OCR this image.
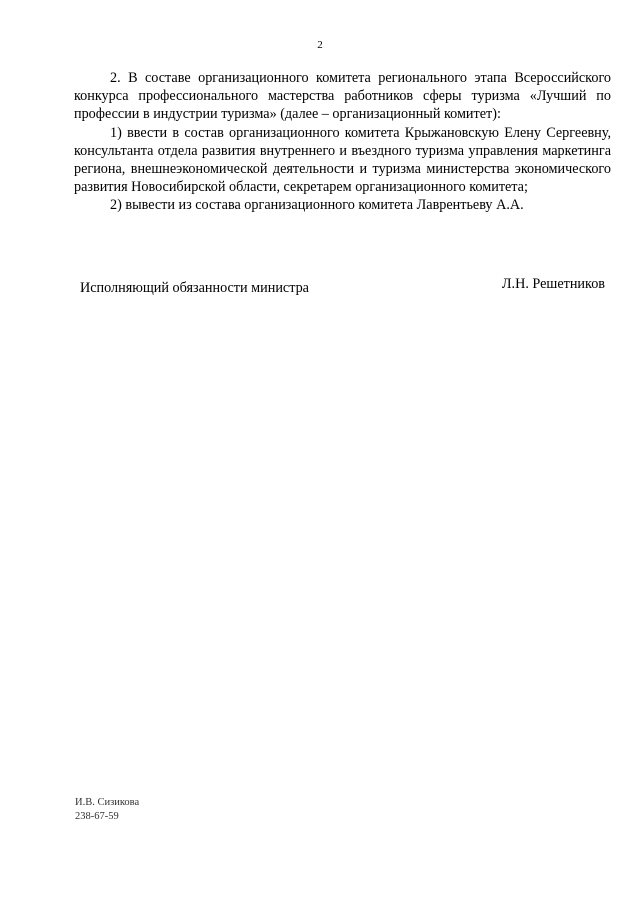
2

2. В составе организационного комитета регионального этапа Всероссийского конкурса профессионального мастерства работников сферы туризма «Лучший по профессии в индустрии туризма» (далее – организационный комитет):

1) ввести в состав организационного комитета Крыжановскую Елену Сергеевну, консультанта отдела развития внутреннего и въездного туризма управления маркетинга региона, внешнеэкономической деятельности и туризма министерства экономического развития Новосибирской области, секретарем организационного комитета;

2) вывести из состава организационного комитета Лаврентьеву А.А.

Исполняющий обязанности министра	Л.Н. Решетников
И.В. Сизикова
238-67-59
